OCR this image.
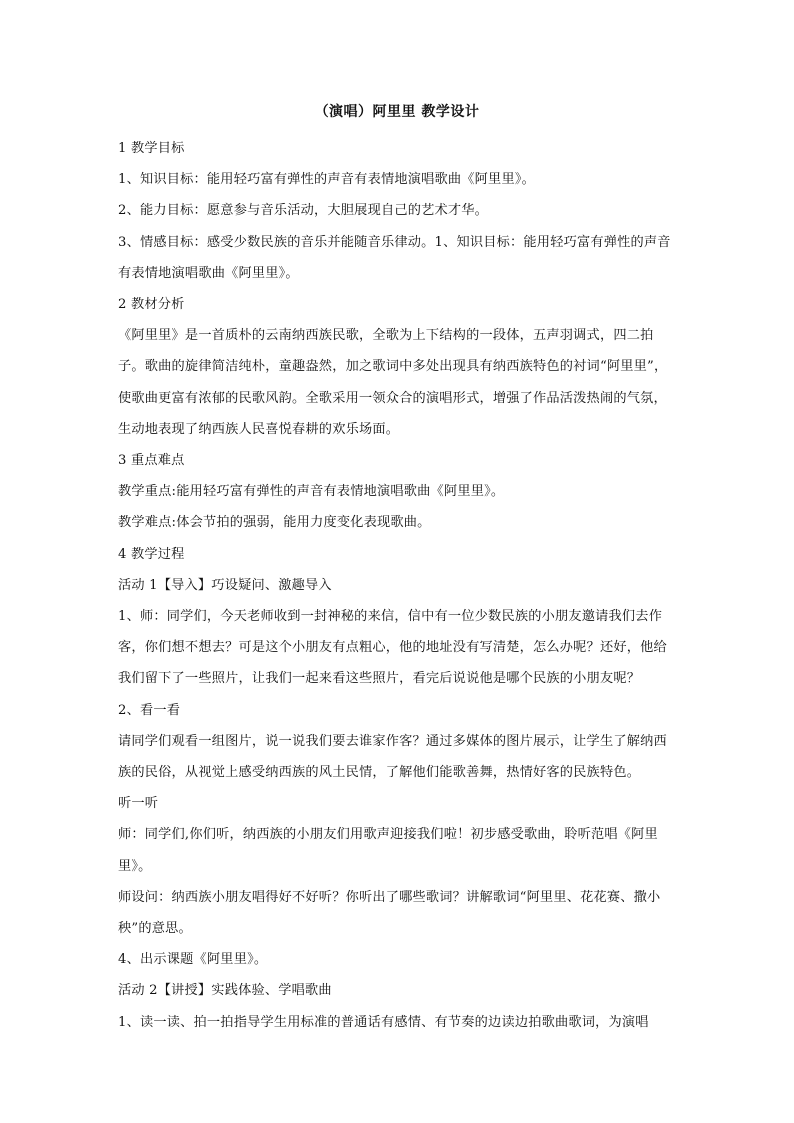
（演唱）阿里里 教学设计

1 教学目标

1、知识目标：能用轻巧富有弹性的声音有表情地演唱歌曲《阿里里》。

2、能力目标：愿意参与音乐活动，大胆展现自己的艺术才华。

3、情感目标：感受少数民族的音乐并能随音乐律动。1、知识目标：能用轻巧富有弹性的声音有表情地演唱歌曲《阿里里》。

2 教材分析

《阿里里》是一首质朴的云南纳西族民歌，全歌为上下结构的一段体，五声羽调式，四二拍子。歌曲的旋律简洁纯朴，童趣盎然，加之歌词中多处出现具有纳西族特色的衬词“阿里里”，使歌曲更富有浓郁的民歌风韵。全歌采用一领众合的演唱形式，增强了作品活泼热闹的气氛，生动地表现了纳西族人民喜悦春耕的欢乐场面。

3 重点难点

教学重点:能用轻巧富有弹性的声音有表情地演唱歌曲《阿里里》。

教学难点:体会节拍的强弱，能用力度变化表现歌曲。

4 教学过程

活动 1【导入】巧设疑问、激趣导入

1、师：同学们，今天老师收到一封神秘的来信，信中有一位少数民族的小朋友邀请我们去作客，你们想不想去？可是这个小朋友有点粗心，他的地址没有写清楚，怎么办呢？还好，他给我们留下了一些照片，让我们一起来看这些照片，看完后说说他是哪个民族的小朋友呢？

2、看一看

请同学们观看一组图片，说一说我们要去谁家作客？通过多媒体的图片展示，让学生了解纳西族的民俗，从视觉上感受纳西族的风土民情，了解他们能歌善舞，热情好客的民族特色。

听一听

师：同学们,你们听，纳西族的小朋友们用歌声迎接我们啦！初步感受歌曲，聆听范唱《阿里里》。

师设问：纳西族小朋友唱得好不好听？你听出了哪些歌词？讲解歌词“阿里里、花花赛、撒小秧”的意思。

4、出示课题《阿里里》。

活动 2【讲授】实践体验、学唱歌曲

1、读一读、拍一拍指导学生用标准的普通话有感情、有节奏的边读边拍歌曲歌词，为演唱
